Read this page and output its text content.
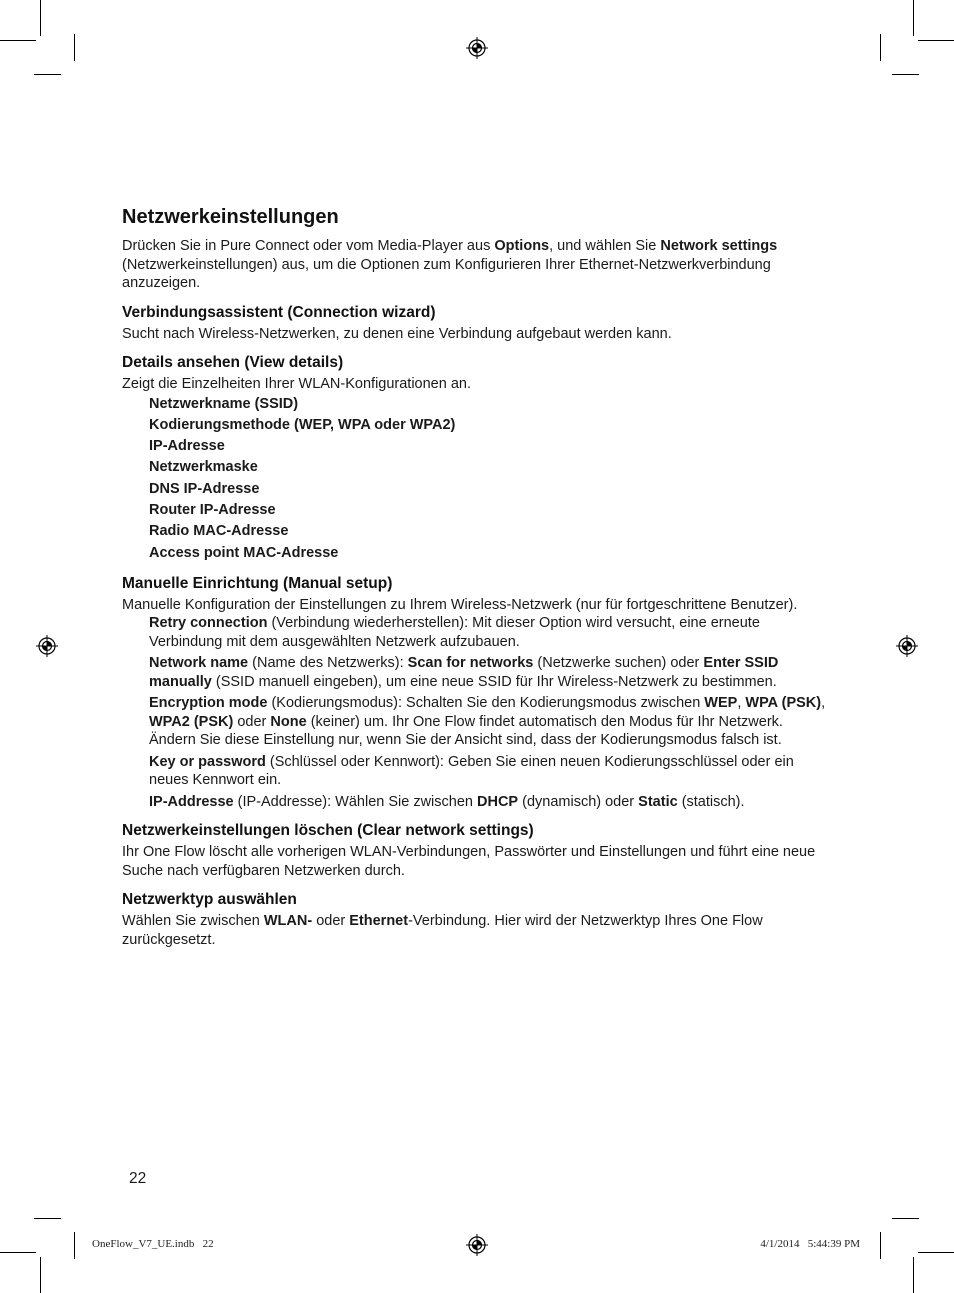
Netzwerkeinstellungen

Drücken Sie in Pure Connect oder vom Media-Player aus Options, und wählen Sie Network settings (Netzwerkeinstellungen) aus, um die Optionen zum Konfigurieren Ihrer Ethernet-Netzwerkverbindung anzuzeigen.

Verbindungsassistent (Connection wizard)

Sucht nach Wireless-Netzwerken, zu denen eine Verbindung aufgebaut werden kann.

Details ansehen (View details)

Zeigt die Einzelheiten Ihrer WLAN-Konfigurationen an.

Netzwerkname (SSID)
Kodierungsmethode (WEP, WPA oder WPA2)
IP-Adresse
Netzwerkmaske
DNS IP-Adresse
Router IP-Adresse
Radio MAC-Adresse
Access point MAC-Adresse
Manuelle Einrichtung (Manual setup)

Manuelle Konfiguration der Einstellungen zu Ihrem Wireless-Netzwerk (nur für fortgeschrittene Benutzer).

Retry connection (Verbindung wiederherstellen): Mit dieser Option wird versucht, eine erneute Verbindung mit dem ausgewählten Netzwerk aufzubauen.

Network name (Name des Netzwerks): Scan for networks (Netzwerke suchen) oder Enter SSID manually (SSID manuell eingeben), um eine neue SSID für Ihr Wireless-Netzwerk zu bestimmen.

Encryption mode (Kodierungsmodus): Schalten Sie den Kodierungsmodus zwischen WEP, WPA (PSK), WPA2 (PSK) oder None (keiner) um. Ihr One Flow findet automatisch den Modus für Ihr Netzwerk. Ändern Sie diese Einstellung nur, wenn Sie der Ansicht sind, dass der Kodierungsmodus falsch ist.

Key or password (Schlüssel oder Kennwort): Geben Sie einen neuen Kodierungsschlüssel oder ein neues Kennwort ein.

IP-Addresse (IP-Addresse): Wählen Sie zwischen DHCP (dynamisch) oder Static (statisch).

Netzwerkeinstellungen löschen (Clear network settings)

Ihr One Flow löscht alle vorherigen WLAN-Verbindungen, Passwörter und Einstellungen und führt eine neue Suche nach verfügbaren Netzwerken durch.

Netzwerktyp auswählen

Wählen Sie zwischen WLAN- oder Ethernet-Verbindung. Hier wird der Netzwerktyp Ihres One Flow zurückgesetzt.

22
OneFlow_V7_UE.indb   22	4/1/2014   5:44:39 PM
